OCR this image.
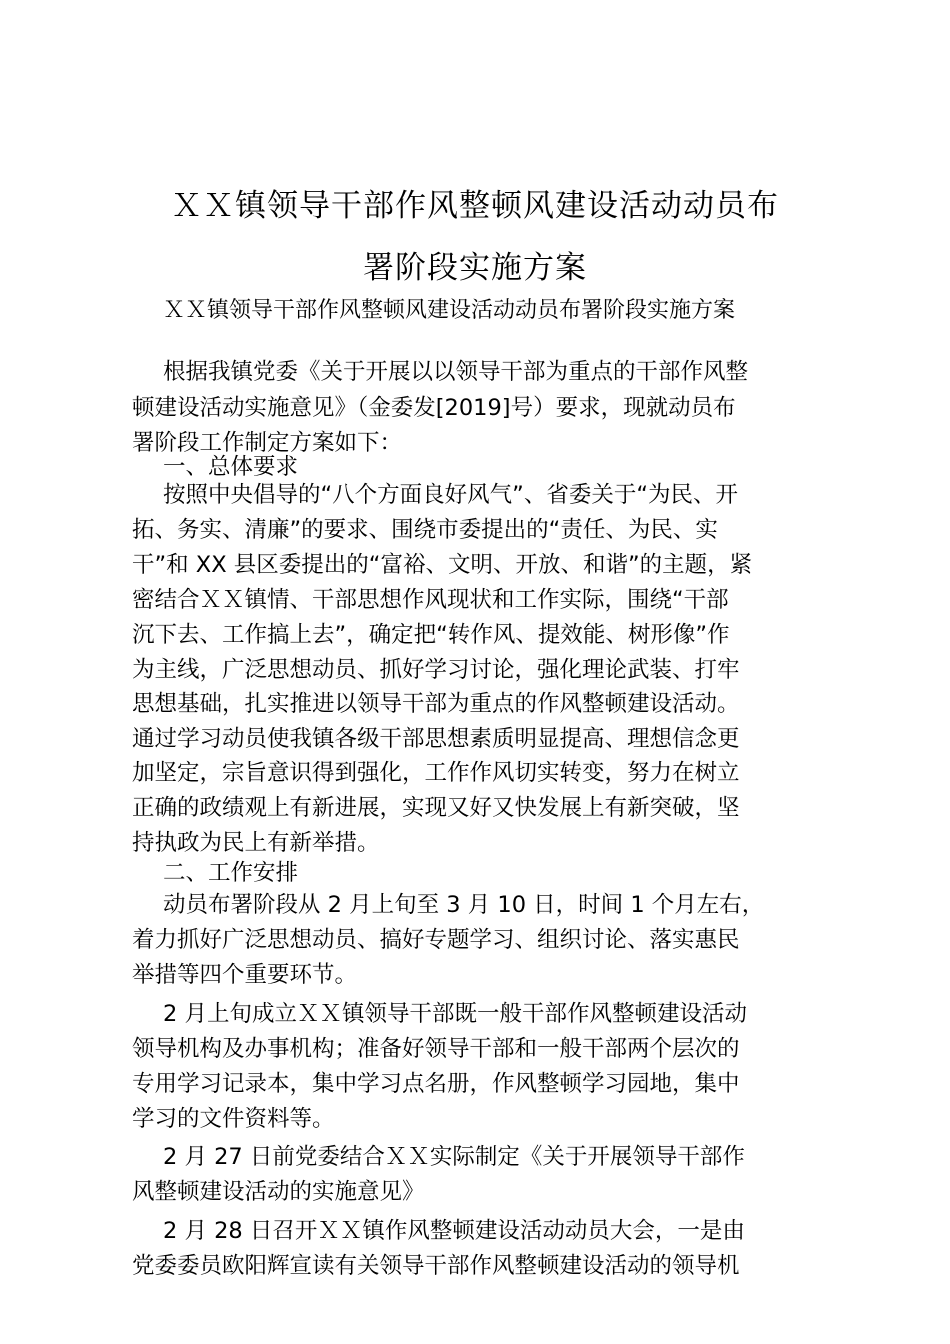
ＸＸ镇领导干部作风整顿风建设活动动员布
署阶段实施方案
ＸＸ镇领导干部作风整顿风建设活动动员布署阶段实施方案
根据我镇党委《关于开展以以领导干部为重点的干部作风整
顿建设活动实施意见》（金委发[2019]号）要求，现就动员布
署阶段工作制定方案如下：
一、总体要求
按照中央倡导的“八个方面良好风气”、省委关于“为民、开
拓、务实、清廉”的要求、围绕市委提出的“责任、为民、实
干”和 XX 县区委提出的“富裕、文明、开放、和谐”的主题，紧
密结合ＸＸ镇情、干部思想作风现状和工作实际，围绕“干部
沉下去、工作搞上去”，确定把“转作风、提效能、树形像”作
为主线，广泛思想动员、抓好学习讨论，强化理论武装、打牢
思想基础，扎实推进以领导干部为重点的作风整顿建设活动。
通过学习动员使我镇各级干部思想素质明显提高、理想信念更
加坚定，宗旨意识得到强化，工作作风切实转变，努力在树立
正确的政绩观上有新进展，实现又好又快发展上有新突破，坚
持执政为民上有新举措。
二、工作安排
动员布署阶段从 2 月上旬至 3 月 10 日，时间 1 个月左右，
着力抓好广泛思想动员、搞好专题学习、组织讨论、落实惠民
举措等四个重要环节。
2 月上旬成立ＸＸ镇领导干部既一般干部作风整顿建设活动
领导机构及办事机构；准备好领导干部和一般干部两个层次的
专用学习记录本，集中学习点名册，作风整顿学习园地，集中
学习的文件资料等。
2 月 27 日前党委结合ＸＸ实际制定《关于开展领导干部作
风整顿建设活动的实施意见》
2 月 28 日召开ＸＸ镇作风整顿建设活动动员大会，一是由
党委委员欧阳辉宣读有关领导干部作风整顿建设活动的领导机
